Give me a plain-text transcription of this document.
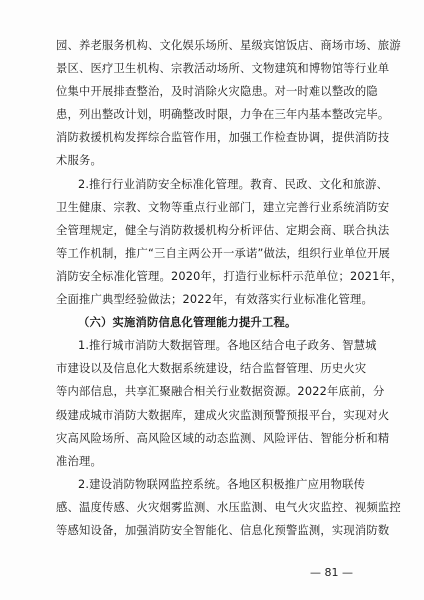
园、养老服务机构、文化娱乐场所、星级宾馆饭店、商场市场、旅游
景区、医疗卫生机构、宗教活动场所、文物建筑和博物馆等行业单
位集中开展排查整治，及时消除火灾隐患。对一时难以整改的隐
患，列出整改计划，明确整改时限，力争在三年内基本整改完毕。
消防救援机构发挥综合监管作用，加强工作检查协调，提供消防技
术服务。
2.推行行业消防安全标准化管理。教育、民政、文化和旅游、
卫生健康、宗教、文物等重点行业部门，建立完善行业系统消防安
全管理规定，健全与消防救援机构分析评估、定期会商、联合执法
等工作机制，推广“三自主两公开一承诺”做法，组织行业单位开展
消防安全标准化管理。2020年，打造行业标杆示范单位；2021年，
全面推广典型经验做法；2022年，有效落实行业标准化管理。
（六）实施消防信息化管理能力提升工程。
1.推行城市消防大数据管理。各地区结合电子政务、智慧城
市建设以及信息化大数据系统建设，结合监督管理、历史火灾
等内部信息，共享汇聚融合相关行业数据资源。2022年底前，分
级建成城市消防大数据库，建成火灾监测预警预报平台，实现对火
灾高风险场所、高风险区域的动态监测、风险评估、智能分析和精
准治理。
2.建设消防物联网监控系统。各地区积极推广应用物联传
感、温度传感、火灾烟雾监测、水压监测、电气火灾监控、视频监控
等感知设备，加强消防安全智能化、信息化预警监测，实现消防数
— 81 —
